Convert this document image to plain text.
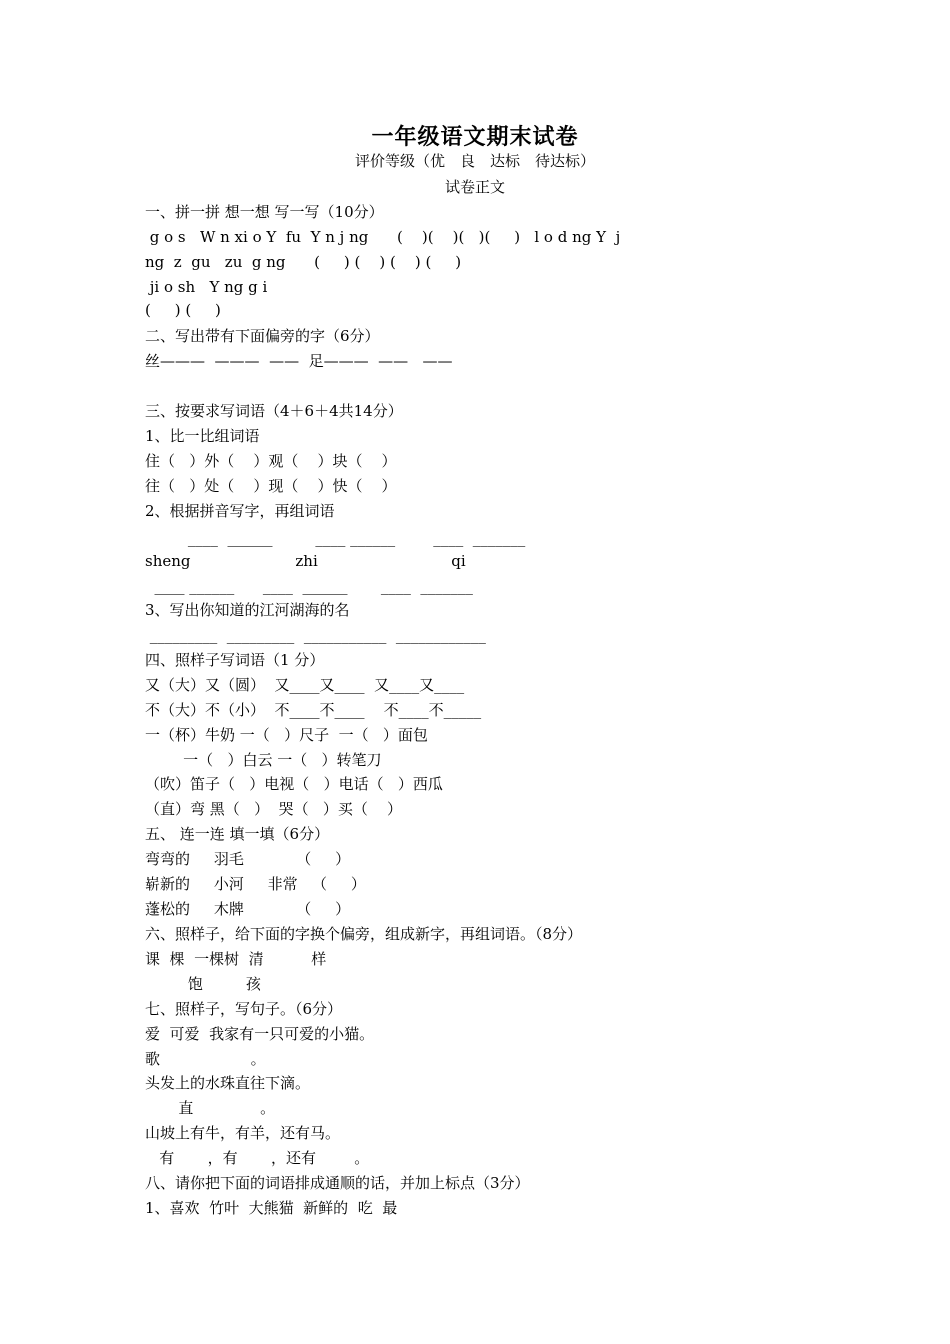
一年级语文期末试卷
评价等级（优　良　达标　待达标）
试卷正文
一、拼一拼 想一想 写一写（10分）
g o s   W n xi o Y  fu  Y n j ng      (    )(    )(   )(     )   l o d ng Y  j
ng  z  gu   zu  g ng      (     ) (    ) (    ) (     )
ji o sh   Y ng g i
(     ) (     )
二、写出带有下面偏旁的字（6分）
丝———  ———  ——  足———  ——   ——
三、按要求写词语（4＋6＋4共14分）
1、比一比组词语
住（   ）外（    ）观（    ）块（    ）
往（   ）处（    ）现（    ）快（    ）
2、根据拼音写字，再组词语
____  ______         ____ ______        ____  _______
sheng                      zhi                            qi
____ ______      ____  ______       ____  _______
3、写出你知道的江河湖海的名
_________  _________  ___________  ____________
四、照样子写词语（1 分）
又（大）又（圆）  又____又____  又____又____
不（大）不（小）  不____不____    不____不_____
一（杯）牛奶 一（   ）尺子  一（   ）面包
一（   ）白云 一（   ）转笔刀
（吹）笛子（   ）电视（   ）电话（   ）西瓜
（直）弯 黑（   ）  哭（   ）买（    ）
五、 连一连 填一填（6分）
弯弯的     羽毛           （     ）
崭新的     小河     非常   （     ）
蓬松的     木牌           （     ）
六、照样子，给下面的字换个偏旁，组成新字，再组词语。（8分）
课  棵  一棵树  清          样
饱         孩
七、照样子，写句子。（6分）
爱  可爱  我家有一只可爱的小猫。
歌                   。
头发上的水珠直往下滴。
直              。
山坡上有牛，有羊，还有马。
有       ，有       ，还有        。
八、请你把下面的词语排成通顺的话，并加上标点（3分）
1、喜欢  竹叶  大熊猫  新鲜的  吃  最
